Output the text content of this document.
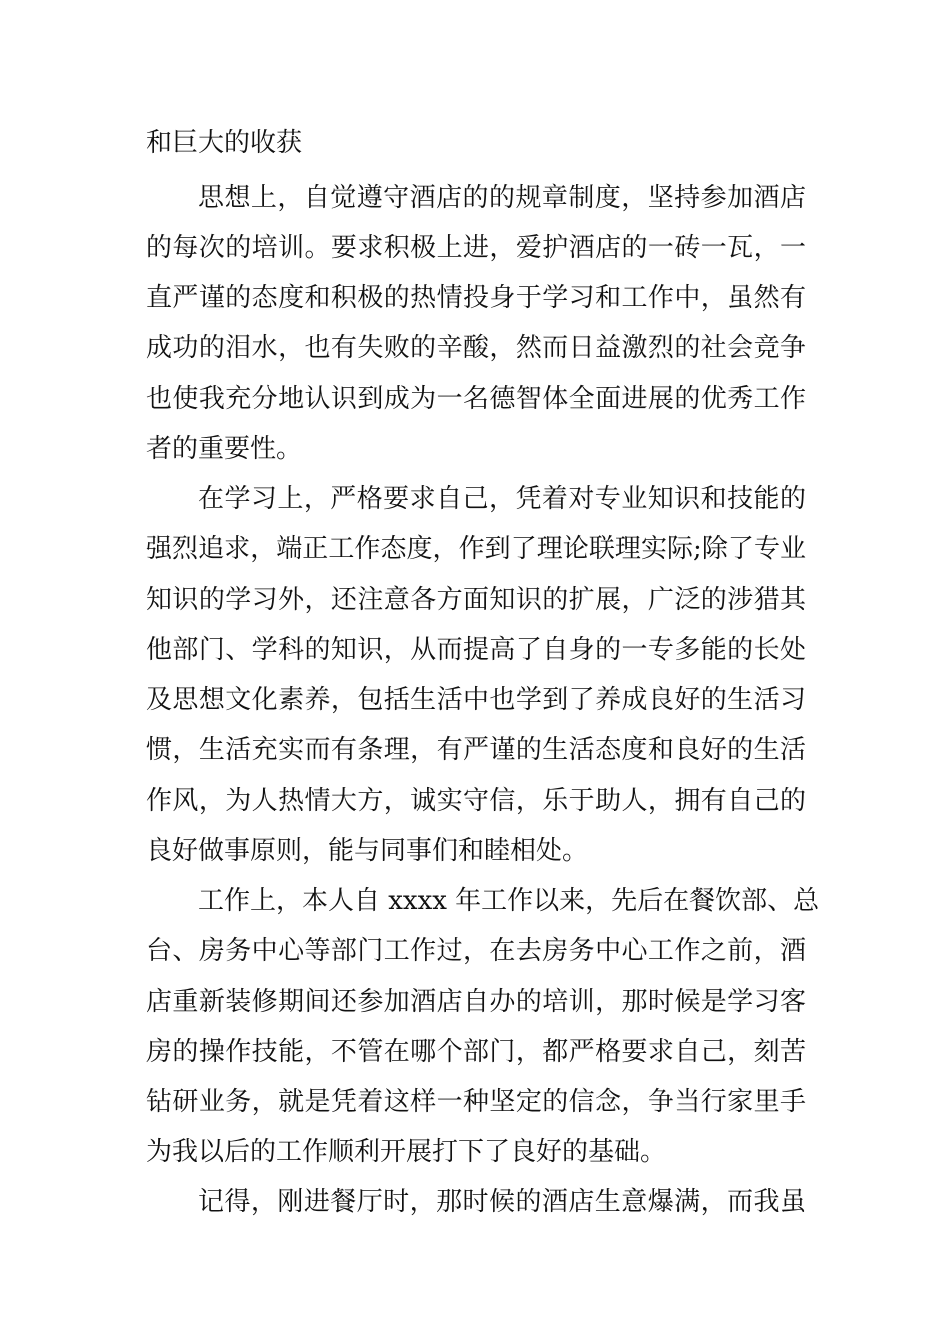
和巨大的收获
思想上，自觉遵守酒店的的规章制度，坚持参加酒店
的每次的培训。要求积极上进，爱护酒店的一砖一瓦，一
直严谨的态度和积极的热情投身于学习和工作中，虽然有
成功的泪水，也有失败的辛酸，然而日益激烈的社会竞争
也使我充分地认识到成为一名德智体全面进展的优秀工作
者的重要性。
在学习上，严格要求自己，凭着对专业知识和技能的
强烈追求，端正工作态度，作到了理论联理实际;除了专业
知识的学习外，还注意各方面知识的扩展，广泛的涉猎其
他部门、学科的知识，从而提高了自身的一专多能的长处
及思想文化素养，包括生活中也学到了养成良好的生活习
惯，生活充实而有条理，有严谨的生活态度和良好的生活
作风，为人热情大方，诚实守信，乐于助人，拥有自己的
良好做事原则，能与同事们和睦相处。
工作上，本人自 xxxx 年工作以来，先后在餐饮部、总
台、房务中心等部门工作过，在去房务中心工作之前，酒
店重新装修期间还参加酒店自办的培训，那时候是学习客
房的操作技能，不管在哪个部门，都严格要求自己，刻苦
钻研业务，就是凭着这样一种坚定的信念，争当行家里手
为我以后的工作顺利开展打下了良好的基础。
记得，刚进餐厅时，那时候的酒店生意爆满，而我虽
